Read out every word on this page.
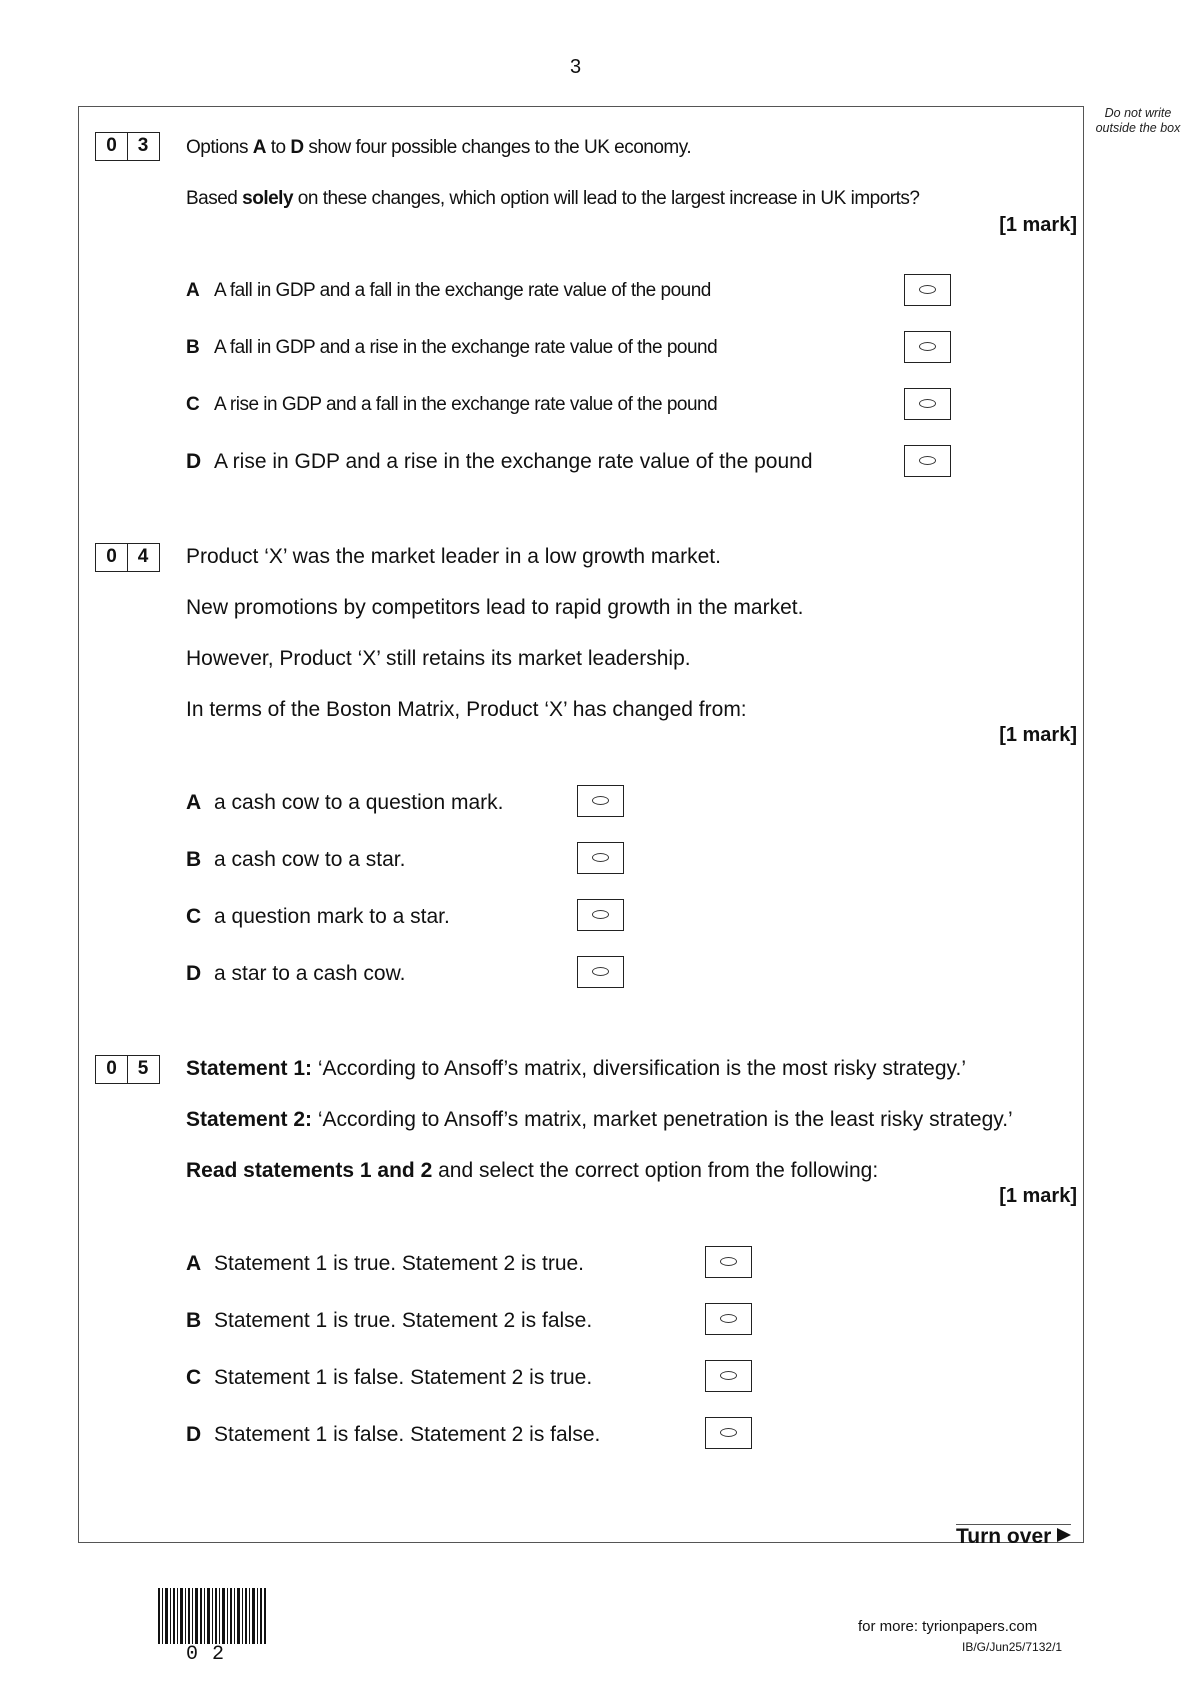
3
Do not write outside the box
0	3	Options A to D show four possible changes to the UK economy.
Based solely on these changes, which option will lead to the largest increase in UK imports?
[1 mark]
A A fall in GDP and a fall in the exchange rate value of the pound
B A fall in GDP and a rise in the exchange rate value of the pound
C A rise in GDP and a fall in the exchange rate value of the pound
D A rise in GDP and a rise in the exchange rate value of the pound
0	4	Product ‘X’ was the market leader in a low growth market.
New promotions by competitors lead to rapid growth in the market.
However, Product ‘X’ still retains its market leadership.
In terms of the Boston Matrix, Product ‘X’ has changed from:
[1 mark]
A a cash cow to a question mark.
B a cash cow to a star.
C a question mark to a star.
D a star to a cash cow.
0	5	Statement 1: ‘According to Ansoff’s matrix, diversification is the most risky strategy.’
Statement 2: ‘According to Ansoff’s matrix, market penetration is the least risky strategy.’
Read statements 1 and 2 and select the correct option from the following:
[1 mark]
A Statement 1 is true. Statement 2 is true.
B Statement 1 is true. Statement 2 is false.
C Statement 1 is false. Statement 2 is true.
D Statement 1 is false. Statement 2 is false.
Turn over
02
for more: tyrionpapers.com
IB/G/Jun25/7132/1
